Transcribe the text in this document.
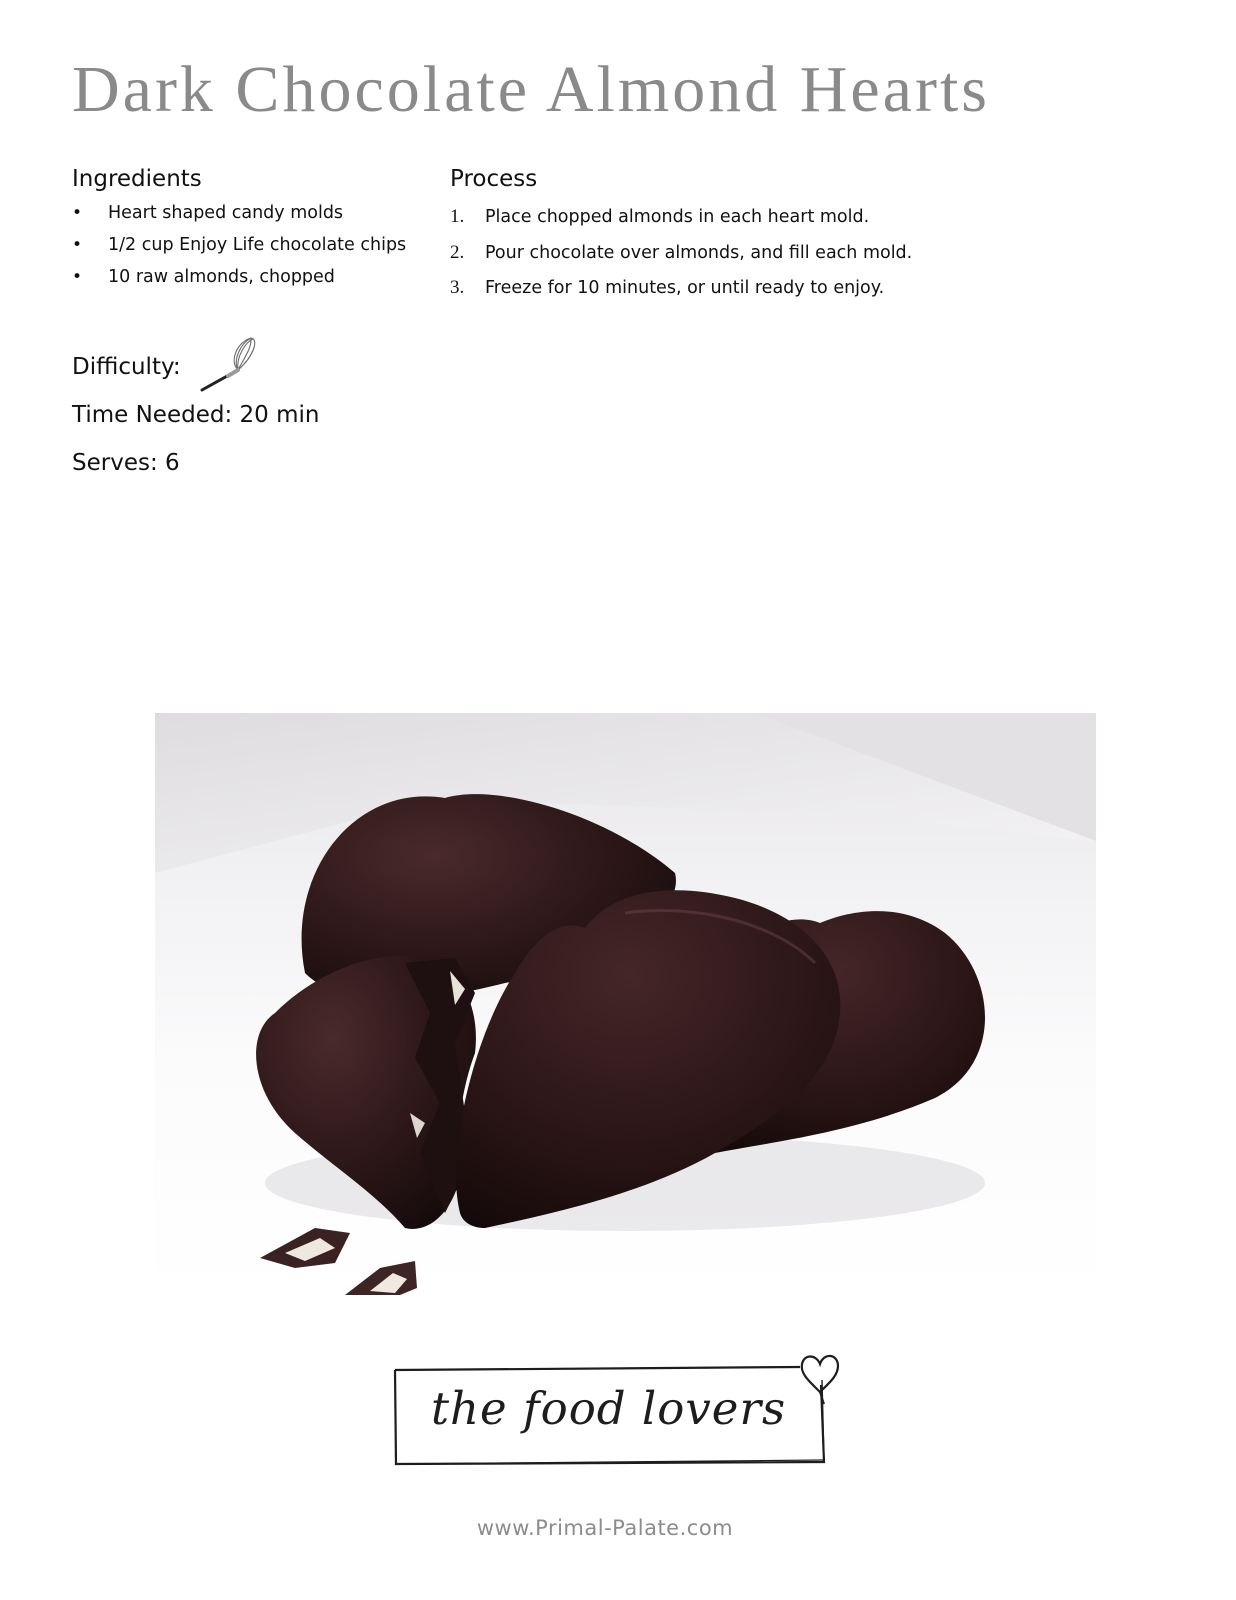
Dark Chocolate Almond Hearts
Ingredients
• Heart shaped candy molds
• 1/2 cup Enjoy Life chocolate chips
• 10 raw almonds, chopped
Process
1. Place chopped almonds in each heart mold.
2. Pour chocolate over almonds, and fill each mold.
3. Freeze for 10 minutes, or until ready to enjoy.

Difficulty:

Time Needed: 20 min

Serves: 6

the food lovers
www.Primal-Palate.com
